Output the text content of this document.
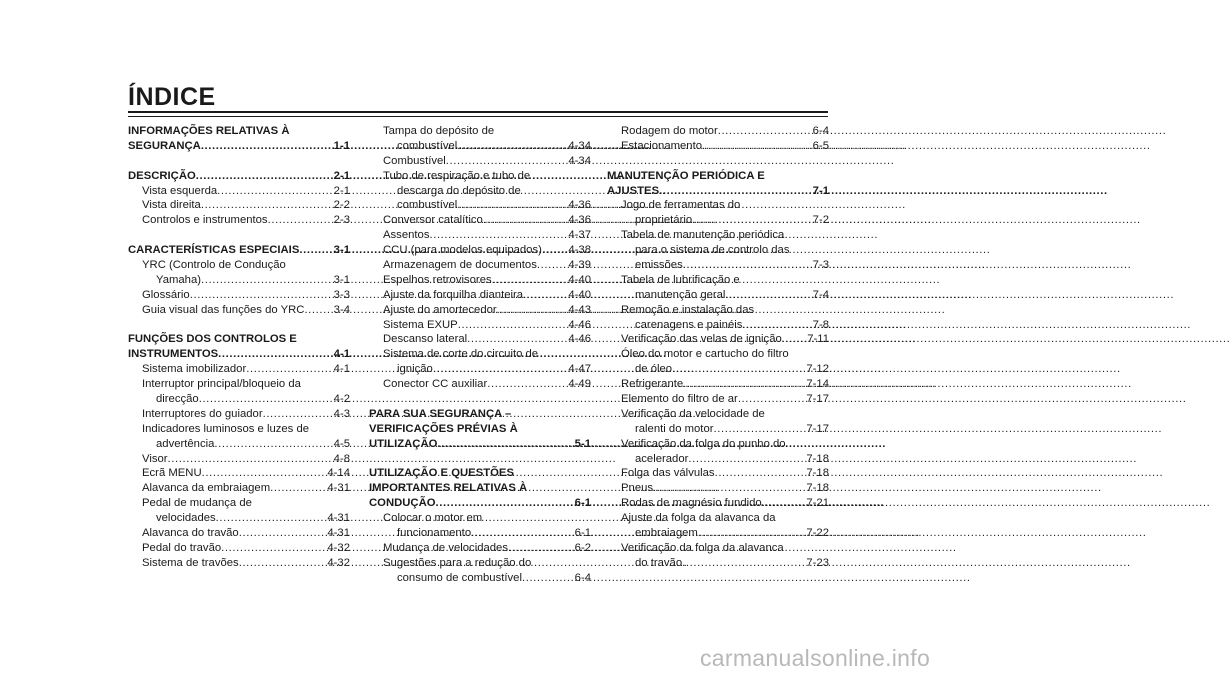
ÍNDICE
INFORMAÇÕES RELATIVAS À
SEGURANÇA .....	1-1
DESCRIÇÃO .....	2-1
Vista esquerda .....	2-1
Vista direita .....	2-2
Controlos e instrumentos .....	2-3
CARACTERÍSTICAS ESPECIAIS .....	3-1
YRC (Controlo de Condução
Yamaha) .....	3-1
Glossário .....	3-3
Guia visual das funções do YRC .....	3-4
FUNÇÕES DOS CONTROLOS E
INSTRUMENTOS .....	4-1
Sistema imobilizador .....	4-1
Interruptor principal/bloqueio da
direcção .....	4-2
Interruptores do guiador .....	4-3
Indicadores luminosos e luzes de
advertência .....	4-5
Visor .....	4-8
Ecrã MENU .....	4-14
Alavanca da embraiagem .....	4-31
Pedal de mudança de
velocidades .....	4-31
Alavanca do travão .....	4-31
Pedal do travão .....	4-32
Sistema de travões .....	4-32
Tampa do depósito de
combustível .....	4-34
Combustível .....	4-34
Tubo de respiração e tubo de
descarga do depósito de
combustível .....	4-36
Conversor catalítico .....	4-36
Assentos .....	4-37
CCU (para modelos equipados) ..... 4-38
Armazenagem de documentos .....	4-39
Espelhos retrovisores .....	4-40
Ajuste da forquilha dianteira .....	4-40
Ajuste do amortecedor .....	4-43
Sistema EXUP .....	4-46
Descanso lateral .....	4-46
Sistema de corte do circuito de
ignição .....	4-47
Conector CC auxiliar .....	4-49
PARA SUA SEGURANÇA –
VERIFICAÇÕES PRÉVIAS À
UTILIZAÇÃO .....	5-1
UTILIZAÇÃO E QUESTÕES
IMPORTANTES RELATIVAS À
CONDUÇÃO .....	6-1
Colocar o motor em
funcionamento .....	6-1
Mudança de velocidades .....	6-2
Sugestões para a redução do
consumo de combustível .....	6-4
Rodagem do motor .....	6-4
Estacionamento .....	6-5
MANUTENÇÃO PERIÓDICA E
AJUSTES .....	7-1
Jogo de ferramentas do
proprietário .....	7-2
Tabela de manutenção periódica
para o sistema de controlo das
emissões .....	7-3
Tabela de lubrificação e
manutenção geral .....	7-4
Remoção e instalação das
carenagens e painéis .....	7-8
Verificação das velas de ignição ..... 7-11
Óleo do motor e cartucho do filtro
de óleo .....	7-12
Refrigerante .....	7-14
Elemento do filtro de ar .....	7-17
Verificação da velocidade de
ralenti do motor .....	7-17
Verificação da folga do punho do
acelerador .....	7-18
Folga das válvulas .....	7-18
Pneus .....	7-18
Rodas de magnésio fundido .....	7-21
Ajuste da folga da alavanca da
embraiagem .....	7-22
Verificação da folga da alavanca
do travão .....	7-23
carmanualsonline.info
